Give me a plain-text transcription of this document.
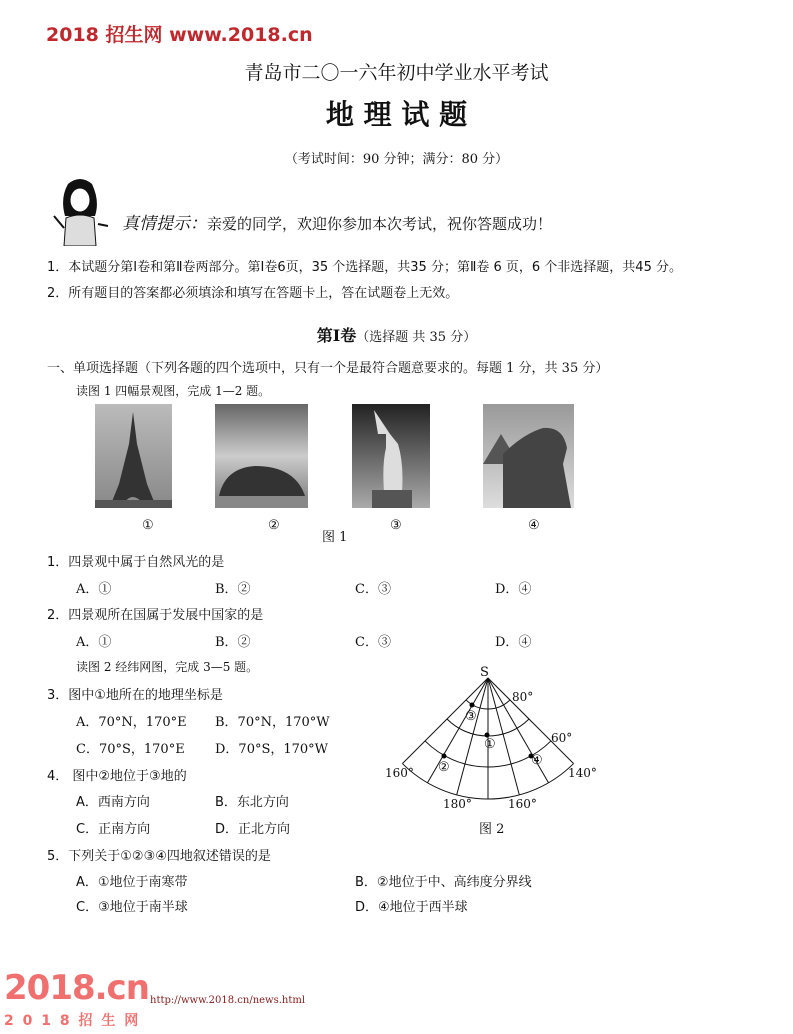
2018 招生网 www.2018.cn
青岛市二〇一六年初中学业水平考试
地 理 试 题
（考试时间：90 分钟；满分：80 分）
真情提示：亲爱的同学，欢迎你参加本次考试，祝你答题成功！
1．本试题分第Ⅰ卷和第Ⅱ卷两部分。第Ⅰ卷6页，35 个选择题，共35 分；第Ⅱ卷 6 页，6 个非选择题，共45 分。
2．所有题目的答案都必须填涂和填写在答题卡上，答在试题卷上无效。
第Ⅰ卷（选择题 共 35 分）
一、单项选择题（下列各题的四个选项中，只有一个是最符合题意要求的。每题 1 分，共 35 分）
读图 1 四幅景观图，完成 1—2 题。
①	②	③	④
图 1
1．四景观中属于自然风光的是
A．①	B．②	C．③	D．④
2．四景观所在国属于发展中国家的是
A．①	B．②	C．③	D．④
读图 2 经纬网图，完成 3—5 题。
3．图中①地所在的地理坐标是
A．70°N，170°E B．70°N，170°W
C．70°S，170°E D．70°S，170°W
4． 图中②地位于③地的
A．西南方向	B．东北方向
C．正南方向	D．正北方向
5．下列关于①②③④四地叙述错误的是
A．①地位于南寒带	B．②地位于中、高纬度分界线
C．③地位于南半球	D．④地位于西半球
S
80°
60°
160°	140°
180°	160°
③
①
②	④
图 2
2018.cn
2 0 1 8 招 生 网
http://www.2018.cn/news.html
